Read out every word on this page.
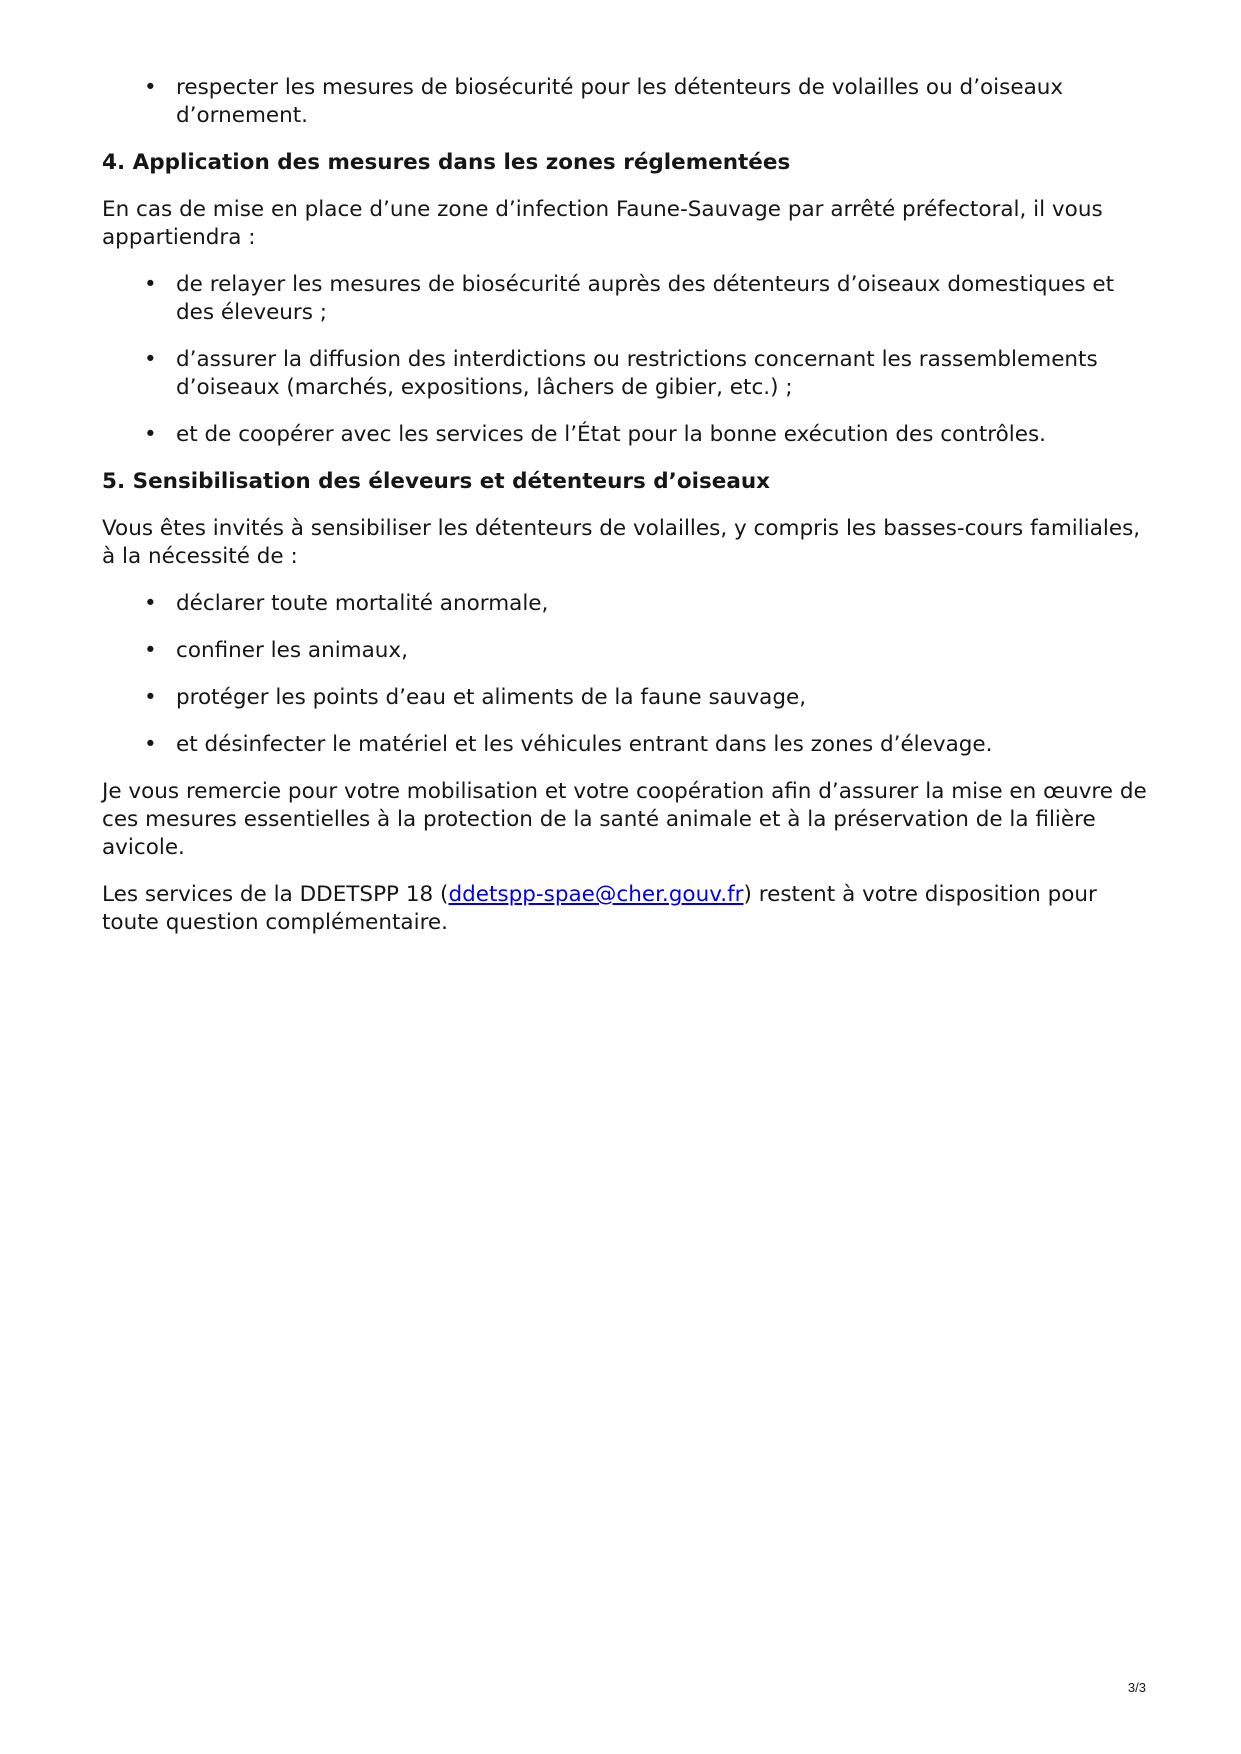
• respecter les mesures de biosécurité pour les détenteurs de volailles ou d’oiseaux d’ornement.

4. Application des mesures dans les zones réglementées

En cas de mise en place d’une zone d’infection Faune-Sauvage par arrêté préfectoral, il vous appartiendra :

• de relayer les mesures de biosécurité auprès des détenteurs d’oiseaux domestiques et des éleveurs ;
• d’assurer la diffusion des interdictions ou restrictions concernant les rassemblements d’oiseaux (marchés, expositions, lâchers de gibier, etc.) ;
• et de coopérer avec les services de l’État pour la bonne exécution des contrôles.

5. Sensibilisation des éleveurs et détenteurs d’oiseaux

Vous êtes invités à sensibiliser les détenteurs de volailles, y compris les basses-cours familiales, à la nécessité de :

• déclarer toute mortalité anormale,
• confiner les animaux,
• protéger les points d’eau et aliments de la faune sauvage,
• et désinfecter le matériel et les véhicules entrant dans les zones d’élevage.

Je vous remercie pour votre mobilisation et votre coopération afin d’assurer la mise en œuvre de ces mesures essentielles à la protection de la santé animale et à la préservation de la filière avicole.

Les services de la DDETSPP 18 (ddetspp-spae@cher.gouv.fr) restent à votre disposition pour toute question complémentaire.

3/3
